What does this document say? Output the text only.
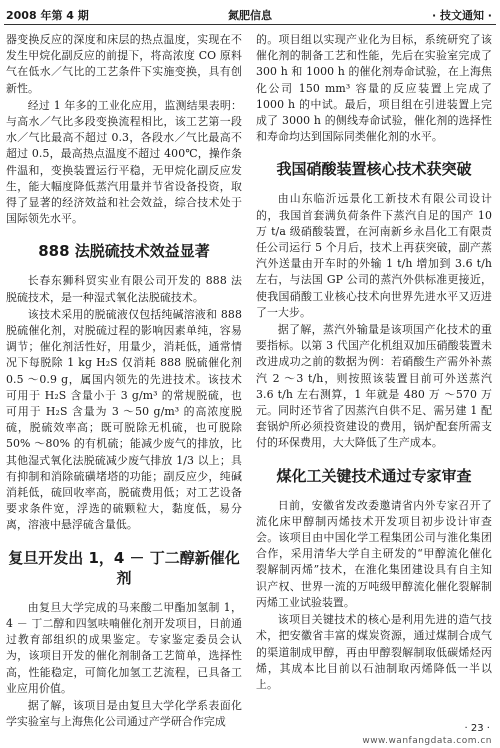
2008 年第 4 期	氮肥信息	· 技文通知 ·

器变换反应的深度和床层的热点温度，实现在不发生甲烷化副反应的前提下，将高浓度 CO 原料气在低水／气比的工艺条件下实施变换，具有创新性。

经过 1 年多的工业化应用，监测结果表明：与高水／气比多段变换流程相比，该工艺第一段水／气比最高不超过 0.3，各段水／气比最高不超过 0.5，最高热点温度不超过 400℃，操作条件温和，变换装置运行平稳，无甲烷化副反应发生，能大幅度降低蒸汽用量并节省设备投资，取得了显著的经济效益和社会效益，综合技术处于国际领先水平。

888 法脱硫技术效益显著

长春东狮科贸实业有限公司开发的 888 法脱硫技术，是一种湿式氧化法脱硫技术。

该技术采用的脱硫液仅包括纯碱溶液和 888 脱硫催化剂，对脱硫过程的影响因素单纯，容易调节；催化剂活性好，用量少，消耗低，通常情况下每脱除 1 kg H₂S 仅消耗 888 脱硫催化剂 0.5 ～0.9 g，属国内领先的先进技术。该技术可用于 H₂S 含量小于 3 g/m³ 的常规脱硫，也可用于 H₂S 含量为 3 ～50 g/m³ 的高浓度脱硫，脱硫效率高；既可脱除无机硫，也可脱除 50% ～80% 的有机硫；能减少废气的排放，比其他湿式氧化法脱硫减少废气排放 1/3 以上；具有抑制和消除硫磺堵塔的功能；副反应少，纯碱消耗低，硫回收率高，脱硫费用低；对工艺设备要求条件宽，浮选的硫颗粒大，黏度低，易分离，溶液中悬浮硫含量低。

复旦开发出 1，4 － 丁二醇新催化剂

由复旦大学完成的马来酸二甲酯加氢制 1，4 － 丁二醇和四氢呋喃催化剂开发项目，日前通过教育部组织的成果鉴定。专家鉴定委员会认为，该项目开发的催化剂制备工艺简单，选择性高，性能稳定，可简化加氢工艺流程，已具备工业应用价值。

据了解，该项目是由复旦大学化学系表面化学实验室与上海焦化公司通过产学研合作完成

的。项目组以实现产业化为目标，系统研究了该催化剂的制备工艺和性能，先后在实验室完成了 300 h 和 1000 h 的催化剂寿命试验，在上海焦化公司 150 mm³ 容量的反应装置上完成了 1000 h 的中试。最后，项目组在引进装置上完成了 3000 h 的侧线寿命试验，催化剂的选择性和寿命均达到国际同类催化剂的水平。

我国硝酸装置核心技术获突破

由山东临沂远景化工新技术有限公司设计的，我国首套满负荷条件下蒸汽自足的国产 10 万 t/a 级硝酸装置，在河南新乡永昌化工有限责任公司运行 5 个月后，技术上再获突破，副产蒸汽外送量由开车时的外输 1 t/h 增加到 3.6 t/h 左右，与法国 GP 公司的蒸汽外供标准更接近，使我国硝酸工业核心技术向世界先进水平又迈进了一大步。

据了解，蒸汽外输量是该项国产化技术的重要指标。以第 3 代国产化机组双加压硝酸装置未改进成功之前的数据为例：若硝酸生产需外补蒸汽 2 ～3 t/h，则按照该装置目前可外送蒸汽 3.6 t/h 左右测算，1 年就是 480 万 ～570 万元。同时还节省了因蒸汽自供不足、需另建 1 配套锅炉所必须投资建设的费用，锅炉配套所需支付的环保费用，大大降低了生产成本。

煤化工关键技术通过专家审查

日前，安徽省发改委邀请省内外专家召开了流化床甲醇制丙烯技术开发项目初步设计审查会。该项目由中国化学工程集团公司与淮化集团合作，采用清华大学自主研发的“甲醇流化催化裂解制丙烯”技术，在淮化集团建设具有自主知识产权、世界一流的万吨级甲醇流化催化裂解制丙烯工业试验装置。

该项目关键技术的核心是利用先进的造气技术，把安徽省丰富的煤炭资源，通过煤制合成气的渠道制成甲醇，再由甲醇裂解制取低碳烯烃丙烯，其成本比目前以石油制取丙烯降低一半以上。

· 23 ·
www.wanfangdata.com.cn
